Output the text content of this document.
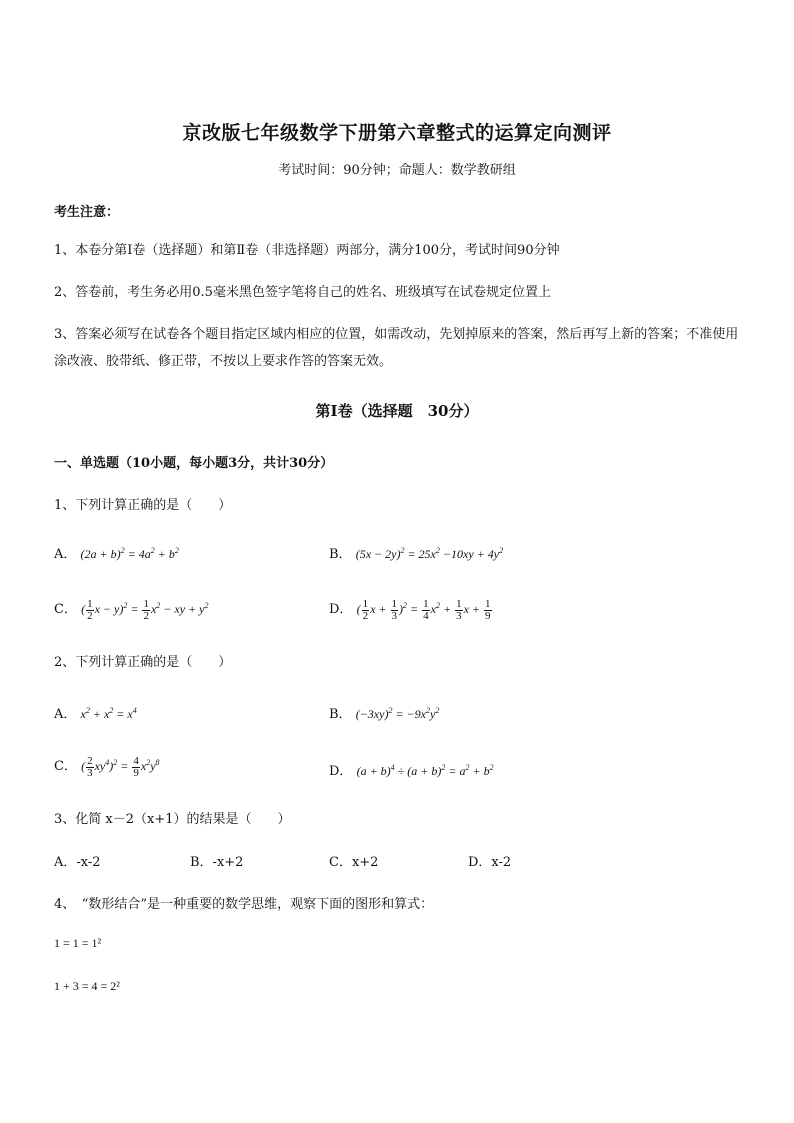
京改版七年级数学下册第六章整式的运算定向测评
考试时间：90分钟；命题人：数学教研组
考生注意：
1、本卷分第Ⅰ卷（选择题）和第Ⅱ卷（非选择题）两部分，满分100分，考试时间90分钟
2、答卷前，考生务必用0.5毫米黑色签字笔将自己的姓名、班级填写在试卷规定位置上
3、答案必须写在试卷各个题目指定区域内相应的位置，如需改动，先划掉原来的答案，然后再写上新的答案；不准使用涂改液、胶带纸、修正带，不按以上要求作答的答案无效。
第Ⅰ卷（选择题　30分）
一、单选题（10小题，每小题3分，共计30分）
1、下列计算正确的是（　　）
A． $(2a + b)^2 = 4a^2 + b^2$	B． $(5x - 2y)^2 = 25x^2 -10xy + 4y^2$
C． ( $\frac{1}{2}$ $x - y)^2 = \frac{1}{2} x^2$ − xy + $y^2$	D． ( $\frac{1}{2}$ $x + \frac{1}{3} )^2 = \frac{1}{4} x^2 + \frac{1}{3}$ $x + \frac{1}{9}$
2、下列计算正确的是（　　）
A． $x^2 + x^2 = x^4$	B． $(-3xy)^2 = -9x^2y^2$
C． ( $\frac{2}{3} xy^4)^2 = \frac{4}{9} x^2y^8$
D． $(a + b)^4 \div (a + b)^2 = a^2 + b^2$
3、化简 x－2（x+1）的结果是（　　）
A．-x-2	B．-x+2	C．x+2	D．x-2
4、　“数形结合”是一种重要的数学思维，观察下面的图形和算式：
1 = 1 = 1²
1 + 3 = 4 = 2²
